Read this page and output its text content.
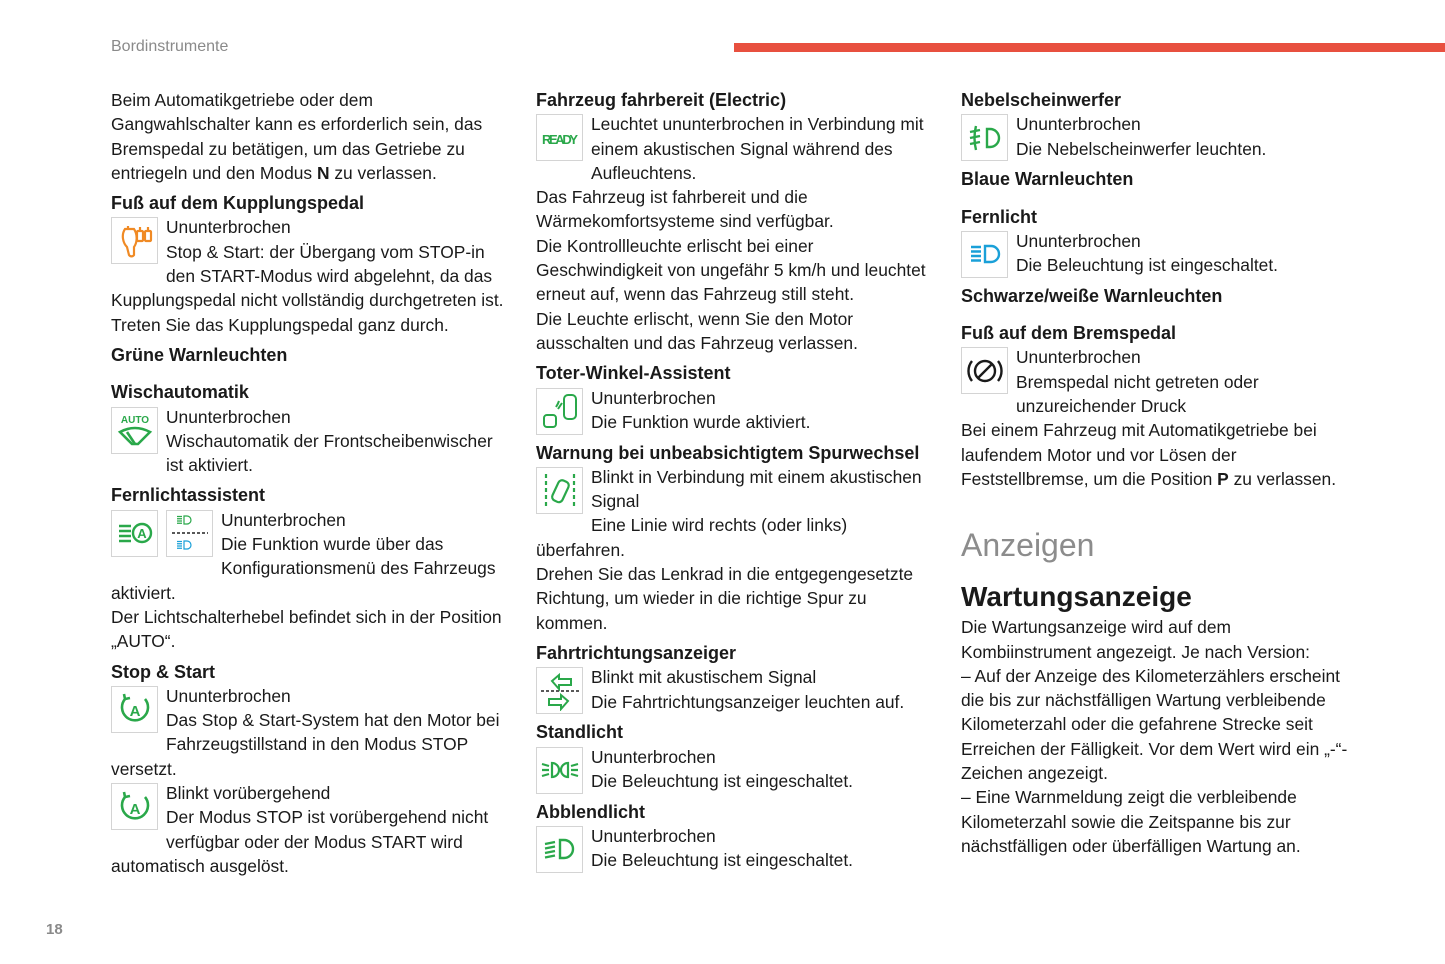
Bordinstrumente

Beim Automatikgetriebe oder dem Gangwahlschalter kann es erforderlich sein, das Bremspedal zu betätigen, um das Getriebe zu entriegeln und den Modus N zu verlassen.

Fuß auf dem Kupplungspedal

Ununterbrochen

Stop & Start: der Übergang vom STOP-in den START-Modus wird abgelehnt, da das Kupplungspedal nicht vollständig durchgetreten ist.

Treten Sie das Kupplungspedal ganz durch.

Grüne Warnleuchten
Wischautomatik
AUTO	Ununterbrochen

Wischautomatik der Frontscheibenwischer ist aktiviert.

Fernlichtassistent
A

Ununterbrochen

Die Funktion wurde über das Konfigurationsmenü des Fahrzeugs aktiviert.

Der Lichtschalterhebel befindet sich in der Position „AUTO“.

Stop & Start
A

Ununterbrochen

Das Stop & Start-System hat den Motor bei Fahrzeugstillstand in den Modus STOP versetzt.

A

Blinkt vorübergehend

Der Modus STOP ist vorübergehend nicht verfügbar oder der Modus START wird automatisch ausgelöst.

Fahrzeug fahrbereit (Electric)
READY

Leuchtet ununterbrochen in Verbindung mit einem akustischen Signal während des Aufleuchtens.

Das Fahrzeug ist fahrbereit und die Wärmekomfortsysteme sind verfügbar.

Die Kontrollleuchte erlischt bei einer Geschwindigkeit von ungefähr 5 km/h und leuchtet erneut auf, wenn das Fahrzeug still steht.

Die Leuchte erlischt, wenn Sie den Motor ausschalten und das Fahrzeug verlassen.

Toter-Winkel-Assistent

Ununterbrochen

Die Funktion wurde aktiviert.

Warnung bei unbeabsichtigtem Spurwechsel

Blinkt in Verbindung mit einem akustischen Signal

Eine Linie wird rechts (oder links) überfahren.

Drehen Sie das Lenkrad in die entgegengesetzte Richtung, um wieder in die richtige Spur zu kommen.

Fahrtrichtungsanzeiger

Blinkt mit akustischem Signal

Die Fahrtrichtungsanzeiger leuchten auf.

Standlicht

Ununterbrochen

Die Beleuchtung ist eingeschaltet.

Abblendlicht

Ununterbrochen

Die Beleuchtung ist eingeschaltet.

Nebelscheinwerfer

Ununterbrochen

Die Nebelscheinwerfer leuchten.

Blaue Warnleuchten
Fernlicht

Ununterbrochen

Die Beleuchtung ist eingeschaltet.

Schwarze/weiße Warnleuchten
Fuß auf dem Bremspedal

Ununterbrochen

Bremspedal nicht getreten oder unzureichender Druck

Bei einem Fahrzeug mit Automatikgetriebe bei laufendem Motor und vor Lösen der Feststellbremse, um die Position P zu verlassen.

Anzeigen
Wartungsanzeige

Die Wartungsanzeige wird auf dem Kombiinstrument angezeigt. Je nach Version:

– Auf der Anzeige des Kilometerzählers erscheint die bis zur nächstfälligen Wartung verbleibende Kilometerzahl oder die gefahrene Strecke seit Erreichen der Fälligkeit. Vor dem Wert wird ein „-“-Zeichen angezeigt.

– Eine Warnmeldung zeigt die verbleibende Kilometerzahl sowie die Zeitspanne bis zur nächstfälligen oder überfälligen Wartung an.

18
